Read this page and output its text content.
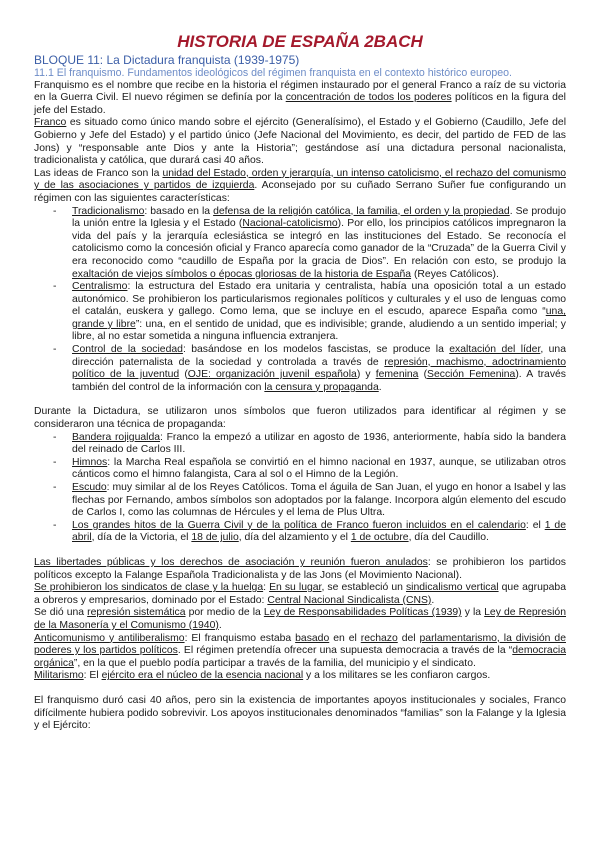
HISTORIA DE ESPAÑA 2BACH

BLOQUE 11: La Dictadura franquista (1939-1975)

11.1 El franquismo. Fundamentos ideológicos del régimen franquista en el contexto histórico europeo.

Franquismo es el nombre que recibe en la historia el régimen instaurado por el general Franco a raíz de su victoria en la Guerra Civil. El nuevo régimen se definía por la concentración de todos los poderes políticos en la figura del jefe del Estado.

Franco es situado como único mando sobre el ejército (Generalísimo), el Estado y el Gobierno (Caudillo, Jefe del Gobierno y Jefe del Estado) y el partido único (Jefe Nacional del Movimiento, es decir, del partido de FED de las Jons) y “responsable ante Dios y ante la Historia”; gestándose así una dictadura personal nacionalista, tradicionalista y católica, que durará casi 40 años.

Las ideas de Franco son la unidad del Estado, orden y jerarquía, un intenso catolicismo, el rechazo del comunismo y de las asociaciones y partidos de izquierda. Aconsejado por su cuñado Serrano Suñer fue configurando un régimen con las siguientes características:

- Tradicionalismo: basado en la defensa de la religión católica, la familia, el orden y la propiedad. Se produjo la unión entre la Iglesia y el Estado (Nacional-catolicismo). Por ello, los principios católicos impregnaron la vida del país y la jerarquía eclesiástica se integró en las instituciones del Estado. Se reconocía el catolicismo como la concesión oficial y Franco aparecía como ganador de la “Cruzada” de la Guerra Civil y era reconocido como “caudillo de España por la gracia de Dios”. En relación con esto, se produjo la exaltación de viejos símbolos o épocas gloriosas de la historia de España (Reyes Católicos).
- Centralismo: la estructura del Estado era unitaria y centralista, había una oposición total a un estado autonómico. Se prohibieron los particularismos regionales políticos y culturales y el uso de lenguas como el catalán, euskera y gallego. Como lema, que se incluye en el escudo, aparece España como “una, grande y libre”: una, en el sentido de unidad, que es indivisible; grande, aludiendo a un sentido imperial; y libre, al no estar sometida a ninguna influencia extranjera.
- Control de la sociedad: basándose en los modelos fascistas, se produce la exaltación del líder, una dirección paternalista de la sociedad y controlada a través de represión, machismo, adoctrinamiento político de la juventud (OJE: organización juvenil española) y femenina (Sección Femenina). A través también del control de la información con la censura y propaganda.

Durante la Dictadura, se utilizaron unos símbolos que fueron utilizados para identificar al régimen y se consideraron una técnica de propaganda:

- Bandera rojigualda: Franco la empezó a utilizar en agosto de 1936, anteriormente, había sido la bandera del reinado de Carlos III.
- Himnos: la Marcha Real española se convirtió en el himno nacional en 1937, aunque, se utilizaban otros cánticos como el himno falangista, Cara al sol o el Himno de la Legión.
- Escudo: muy similar al de los Reyes Católicos. Toma el águila de San Juan, el yugo en honor a Isabel y las flechas por Fernando, ambos símbolos son adoptados por la falange. Incorpora algún elemento del escudo de Carlos I, como las columnas de Hércules y el lema de Plus Ultra.
- Los grandes hitos de la Guerra Civil y de la política de Franco fueron incluidos en el calendario: el 1 de abril, día de la Victoria, el 18 de julio, día del alzamiento y el 1 de octubre, día del Caudillo.

Las libertades públicas y los derechos de asociación y reunión fueron anulados: se prohibieron los partidos políticos excepto la Falange Española Tradicionalista y de las Jons (el Movimiento Nacional).

Se prohibieron los sindicatos de clase y la huelga: En su lugar, se estableció un sindicalismo vertical que agrupaba a obreros y empresarios, dominado por el Estado: Central Nacional Sindicalista (CNS).

Se dió una represión sistemática por medio de la Ley de Responsabilidades Políticas (1939) y la Ley de Represión de la Masonería y el Comunismo (1940).

Anticomunismo y antiliberalismo: El franquismo estaba basado en el rechazo del parlamentarismo, la división de poderes y los partidos políticos. El régimen pretendía ofrecer una supuesta democracia a través de la “democracia orgánica”, en la que el pueblo podía participar a través de la familia, del municipio y el sindicato.

Militarismo: El ejército era el núcleo de la esencia nacional y a los militares se les confiaron cargos.

El franquismo duró casi 40 años, pero sin la existencia de importantes apoyos institucionales y sociales, Franco difícilmente hubiera podido sobrevivir. Los apoyos institucionales denominados “familias” son la Falange y la Iglesia y el Ejército:
